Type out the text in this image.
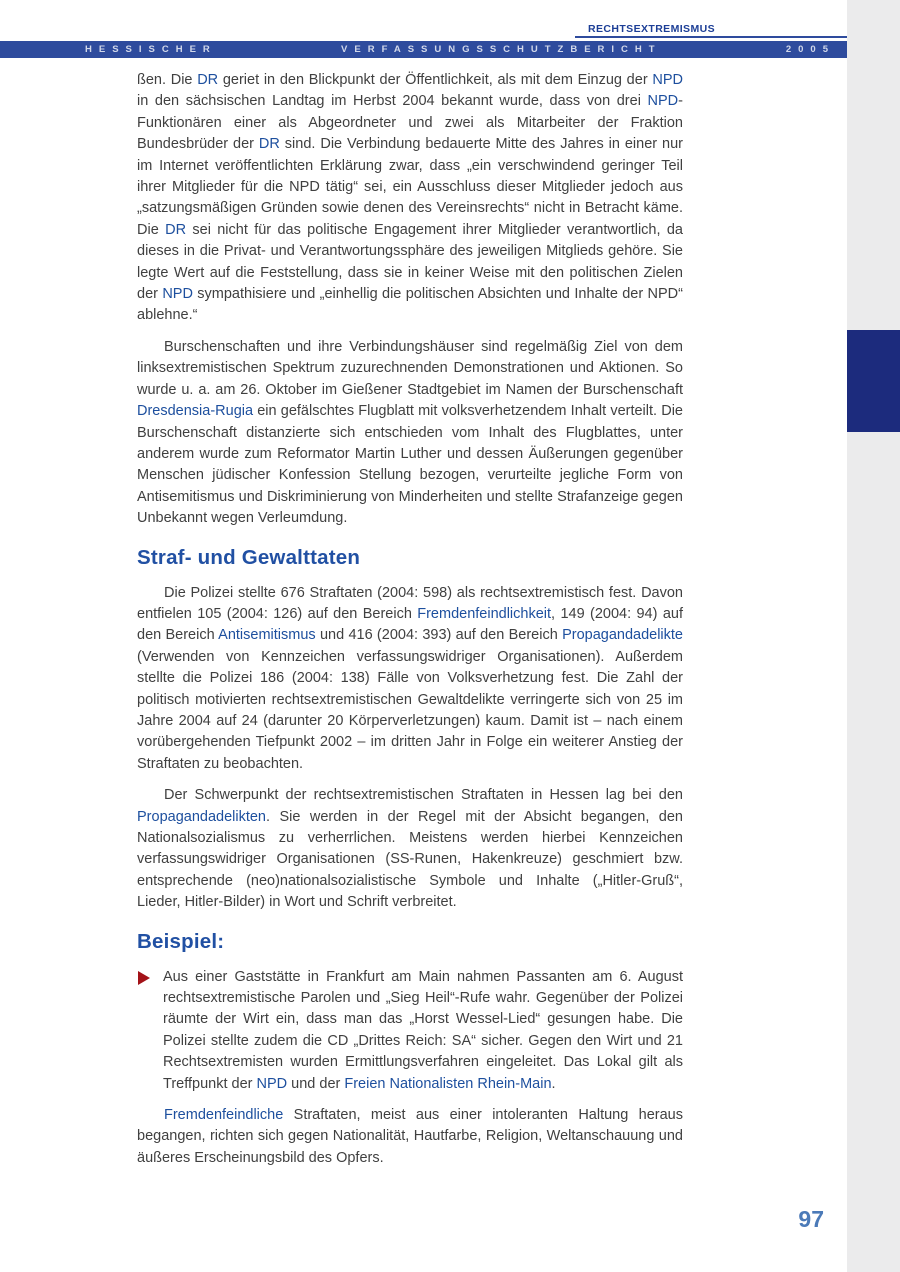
RECHTSEXTREMISMUS
HESSISCHER	VERFASSUNGSSCHUTZBERICHT	2005

ßen. Die DR geriet in den Blickpunkt der Öffentlichkeit, als mit dem Einzug der NPD in den sächsischen Landtag im Herbst 2004 bekannt wurde, dass von drei NPD-Funktionären einer als Abgeordneter und zwei als Mitarbeiter der Fraktion Bundesbrüder der DR sind. Die Verbindung bedauerte Mitte des Jahres in einer nur im Internet veröffentlichten Erklärung zwar, dass „ein verschwindend geringer Teil ihrer Mitglieder für die NPD tätig“ sei, ein Ausschluss dieser Mitglieder jedoch aus „satzungsmäßigen Gründen sowie denen des Vereinsrechts“ nicht in Betracht käme. Die DR sei nicht für das politische Engagement ihrer Mitglieder verantwortlich, da dieses in die Privat- und Verantwortungssphäre des jeweiligen Mitglieds gehöre. Sie legte Wert auf die Feststellung, dass sie in keiner Weise mit den politischen Zielen der NPD sympathisiere und „einhellig die politischen Absichten und Inhalte der NPD“ ablehne.“

Burschenschaften und ihre Verbindungshäuser sind regelmäßig Ziel von dem linksextremistischen Spektrum zuzurechnenden Demonstrationen und Aktionen. So wurde u. a. am 26. Oktober im Gießener Stadtgebiet im Namen der Burschenschaft Dresdensia-Rugia ein gefälschtes Flugblatt mit volksverhetzendem Inhalt verteilt. Die Burschenschaft distanzierte sich entschieden vom Inhalt des Flugblattes, unter anderem wurde zum Reformator Martin Luther und dessen Äußerungen gegenüber Menschen jüdischer Konfession Stellung bezogen, verurteilte jegliche Form von Antisemitismus und Diskriminierung von Minderheiten und stellte Strafanzeige gegen Unbekannt wegen Verleumdung.

Straf- und Gewalttaten

Die Polizei stellte 676 Straftaten (2004: 598) als rechtsextremistisch fest. Davon entfielen 105 (2004: 126) auf den Bereich Fremdenfeindlichkeit, 149 (2004: 94) auf den Bereich Antisemitismus und 416 (2004: 393) auf den Bereich Propagandadelikte (Verwenden von Kennzeichen verfassungswidriger Organisationen). Außerdem stellte die Polizei 186 (2004: 138) Fälle von Volksverhetzung fest. Die Zahl der politisch motivierten rechtsextremistischen Gewaltdelikte verringerte sich von 25 im Jahre 2004 auf 24 (darunter 20 Körperverletzungen) kaum. Damit ist – nach einem vorübergehenden Tiefpunkt 2002 – im dritten Jahr in Folge ein weiterer Anstieg der Straftaten zu beobachten.

Der Schwerpunkt der rechtsextremistischen Straftaten in Hessen lag bei den Propagandadelikten. Sie werden in der Regel mit der Absicht begangen, den Nationalsozialismus zu verherrlichen. Meistens werden hierbei Kennzeichen verfassungswidriger Organisationen (SS-Runen, Hakenkreuze) geschmiert bzw. entsprechende (neo)nationalsozialistische Symbole und Inhalte („Hitler-Gruß“, Lieder, Hitler-Bilder) in Wort und Schrift verbreitet.

Beispiel:

Aus einer Gaststätte in Frankfurt am Main nahmen Passanten am 6. August rechtsextremistische Parolen und „Sieg Heil“-Rufe wahr. Gegenüber der Polizei räumte der Wirt ein, dass man das „Horst Wessel-Lied“ gesungen habe. Die Polizei stellte zudem die CD „Drittes Reich: SA“ sicher. Gegen den Wirt und 21 Rechtsextremisten wurden Ermittlungsverfahren eingeleitet. Das Lokal gilt als Treffpunkt der NPD und der Freien Nationalisten Rhein-Main.

Fremdenfeindliche Straftaten, meist aus einer intoleranten Haltung heraus begangen, richten sich gegen Nationalität, Hautfarbe, Religion, Weltanschauung und äußeres Erscheinungsbild des Opfers.

97
